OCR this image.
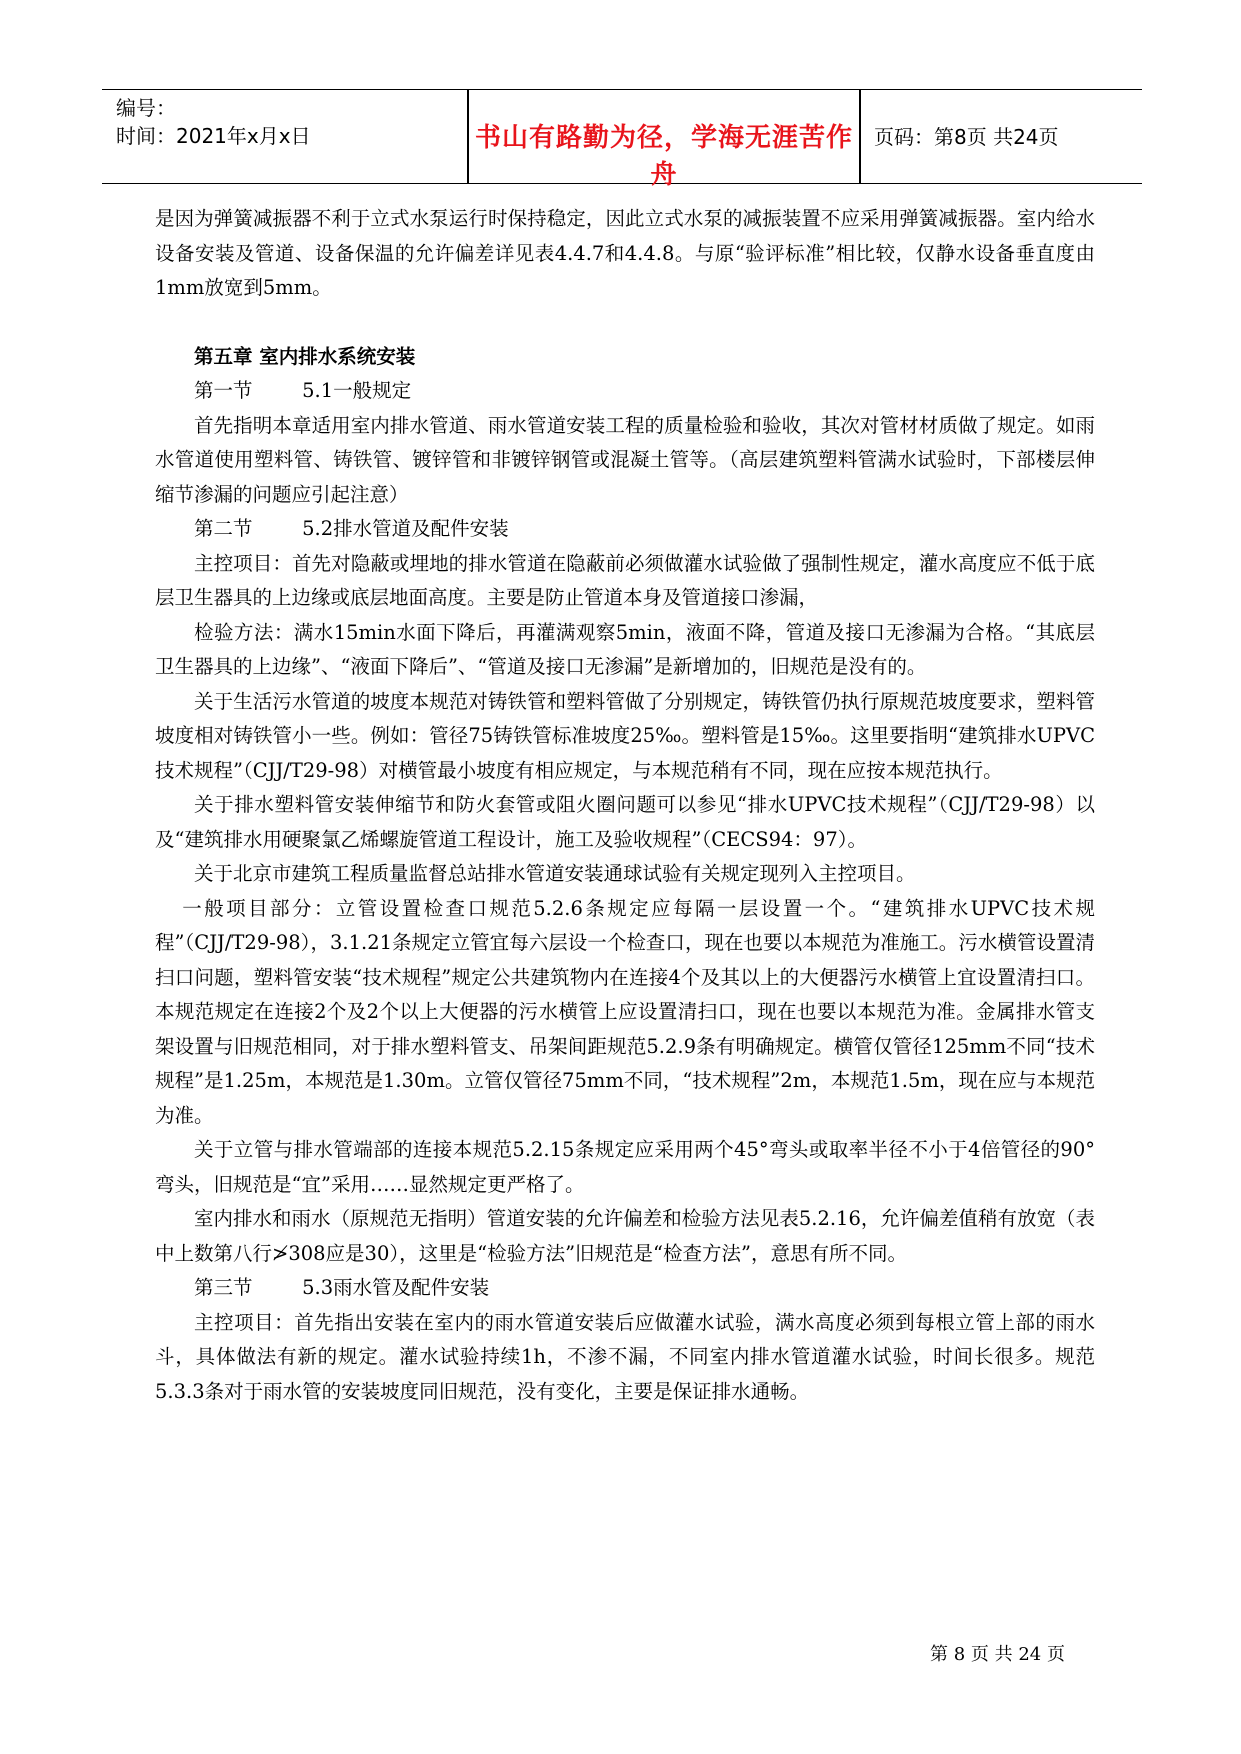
编号：
时间：2021年x月x日	书山有路勤为径，学海无涯苦作舟
页码：第8页 共24页

是因为弹簧减振器不利于立式水泵运行时保持稳定，因此立式水泵的减振装置不应采用弹簧减振器。室内给水设备安装及管道、设备保温的允许偏差详见表4.4.7和4.4.8。与原“验评标准”相比较，仅静水设备垂直度由1mm放宽到5mm。

第五章 室内排水系统安装

第一节        5.1一般规定

首先指明本章适用室内排水管道、雨水管道安装工程的质量检验和验收，其次对管材材质做了规定。如雨水管道使用塑料管、铸铁管、镀锌管和非镀锌钢管或混凝土管等。（高层建筑塑料管满水试验时，下部楼层伸缩节渗漏的问题应引起注意）

第二节        5.2排水管道及配件安装

主控项目：首先对隐蔽或埋地的排水管道在隐蔽前必须做灌水试验做了强制性规定，灌水高度应不低于底层卫生器具的上边缘或底层地面高度。主要是防止管道本身及管道接口渗漏，

检验方法：满水15min水面下降后，再灌满观察5min，液面不降，管道及接口无渗漏为合格。“其底层卫生器具的上边缘”、“液面下降后”、“管道及接口无渗漏”是新增加的，旧规范是没有的。

关于生活污水管道的坡度本规范对铸铁管和塑料管做了分别规定，铸铁管仍执行原规范坡度要求，塑料管坡度相对铸铁管小一些。例如：管径75铸铁管标准坡度25‰。塑料管是15‰。这里要指明“建筑排水UPVC技术规程”（CJJ/T29-98）对横管最小坡度有相应规定，与本规范稍有不同，现在应按本规范执行。

关于排水塑料管安装伸缩节和防火套管或阻火圈问题可以参见“排水UPVC技术规程”（CJJ/T29-98）以及“建筑排水用硬聚氯乙烯螺旋管道工程设计，施工及验收规程”（CECS94：97）。

关于北京市建筑工程质量监督总站排水管道安装通球试验有关规定现列入主控项目。

一般项目部分：立管设置检查口规范5.2.6条规定应每隔一层设置一个。“建筑排水UPVC技术规程”（CJJ/T29-98），3.1.21条规定立管宜每六层设一个检查口，现在也要以本规范为准施工。污水横管设置清扫口问题，塑料管安装“技术规程”规定公共建筑物内在连接4个及其以上的大便器污水横管上宜设置清扫口。本规范规定在连接2个及2个以上大便器的污水横管上应设置清扫口，现在也要以本规范为准。金属排水管支架设置与旧规范相同，对于排水塑料管支、吊架间距规范5.2.9条有明确规定。横管仅管径125mm不同“技术规程”是1.25m，本规范是1.30m。立管仅管径75mm不同，“技术规程”2m，本规范1.5m，现在应与本规范为准。

关于立管与排水管端部的连接本规范5.2.15条规定应采用两个45°弯头或取率半径不小于4倍管径的90°弯头，旧规范是“宜”采用……显然规定更严格了。

室内排水和雨水（原规范无指明）管道安装的允许偏差和检验方法见表5.2.16，允许偏差值稍有放宽（表中上数第八行≯308应是30），这里是“检验方法”旧规范是“检查方法”，意思有所不同。

第三节        5.3雨水管及配件安装

主控项目：首先指出安装在室内的雨水管道安装后应做灌水试验，满水高度必须到每根立管上部的雨水斗，具体做法有新的规定。灌水试验持续1h，不渗不漏，不同室内排水管道灌水试验，时间长很多。规范5.3.3条对于雨水管的安装坡度同旧规范，没有变化，主要是保证排水通畅。

第 8 页 共 24 页
